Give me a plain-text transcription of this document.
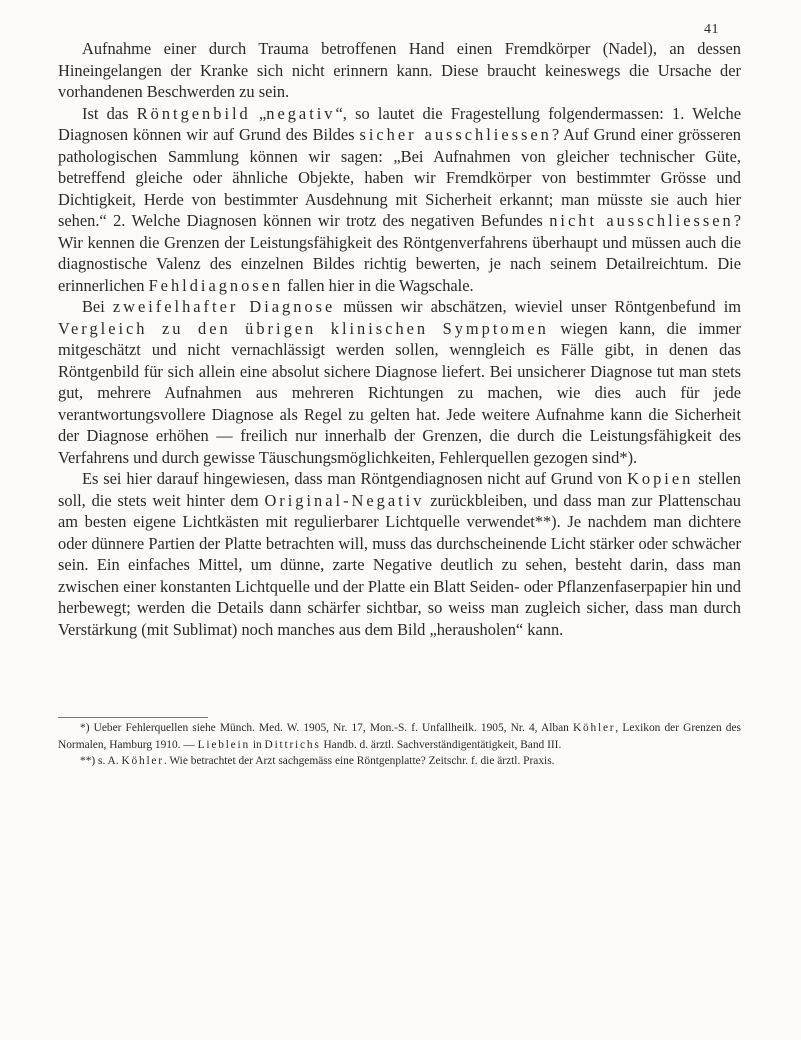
41

Aufnahme einer durch Trauma betroffenen Hand einen Fremdkörper (Nadel), an dessen Hineingelangen der Kranke sich nicht erinnern kann. Diese braucht keineswegs die Ursache der vorhandenen Beschwerden zu sein.

Ist das Röntgenbild „negativ“, so lautet die Fragestellung folgendermassen: 1. Welche Diagnosen können wir auf Grund des Bildes sicher ausschliessen? Auf Grund einer grösseren pathologischen Sammlung können wir sagen: „Bei Aufnahmen von gleicher technischer Güte, betreffend gleiche oder ähnliche Objekte, haben wir Fremdkörper von bestimmter Grösse und Dichtigkeit, Herde von bestimmter Ausdehnung mit Sicherheit erkannt; man müsste sie auch hier sehen.“ 2. Welche Diagnosen können wir trotz des negativen Befundes nicht ausschliessen? Wir kennen die Grenzen der Leistungsfähigkeit des Röntgenverfahrens überhaupt und müssen auch die diagnostische Valenz des einzelnen Bildes richtig bewerten, je nach seinem Detailreichtum. Die erinnerlichen Fehldiagnosen fallen hier in die Wagschale.

Bei zweifelhafter Diagnose müssen wir abschätzen, wieviel unser Röntgenbefund im Vergleich zu den übrigen klinischen Symptomen wiegen kann, die immer mitgeschätzt und nicht vernachlässigt werden sollen, wenngleich es Fälle gibt, in denen das Röntgenbild für sich allein eine absolut sichere Diagnose liefert. Bei unsicherer Diagnose tut man stets gut, mehrere Aufnahmen aus mehreren Richtungen zu machen, wie dies auch für jede verantwortungsvollere Diagnose als Regel zu gelten hat. Jede weitere Aufnahme kann die Sicherheit der Diagnose erhöhen — freilich nur innerhalb der Grenzen, die durch die Leistungsfähigkeit des Verfahrens und durch gewisse Täuschungsmöglichkeiten, Fehlerquellen gezogen sind*).

Es sei hier darauf hingewiesen, dass man Röntgendiagnosen nicht auf Grund von Kopien stellen soll, die stets weit hinter dem Original-Negativ zurückbleiben, und dass man zur Plattenschau am besten eigene Lichtkästen mit regulierbarer Lichtquelle verwendet**). Je nachdem man dichtere oder dünnere Partien der Platte betrachten will, muss das durchscheinende Licht stärker oder schwächer sein. Ein einfaches Mittel, um dünne, zarte Negative deutlich zu sehen, besteht darin, dass man zwischen einer konstanten Lichtquelle und der Platte ein Blatt Seiden- oder Pflanzenfaserpapier hin und herbewegt; werden die Details dann schärfer sichtbar, so weiss man zugleich sicher, dass man durch Verstärkung (mit Sublimat) noch manches aus dem Bild „herausholen“ kann.

*) Ueber Fehlerquellen siehe Münch. Med. W. 1905, Nr. 17, Mon.-S. f. Unfallheilk. 1905, Nr. 4, Alban Köhler, Lexikon der Grenzen des Normalen, Hamburg 1910. — Lieblein in Dittrichs Handb. d. ärztl. Sachverständigentätigkeit, Band III.

**) s. A. Köhler. Wie betrachtet der Arzt sachgemäss eine Röntgenplatte? Zeitschr. f. die ärztl. Praxis.
